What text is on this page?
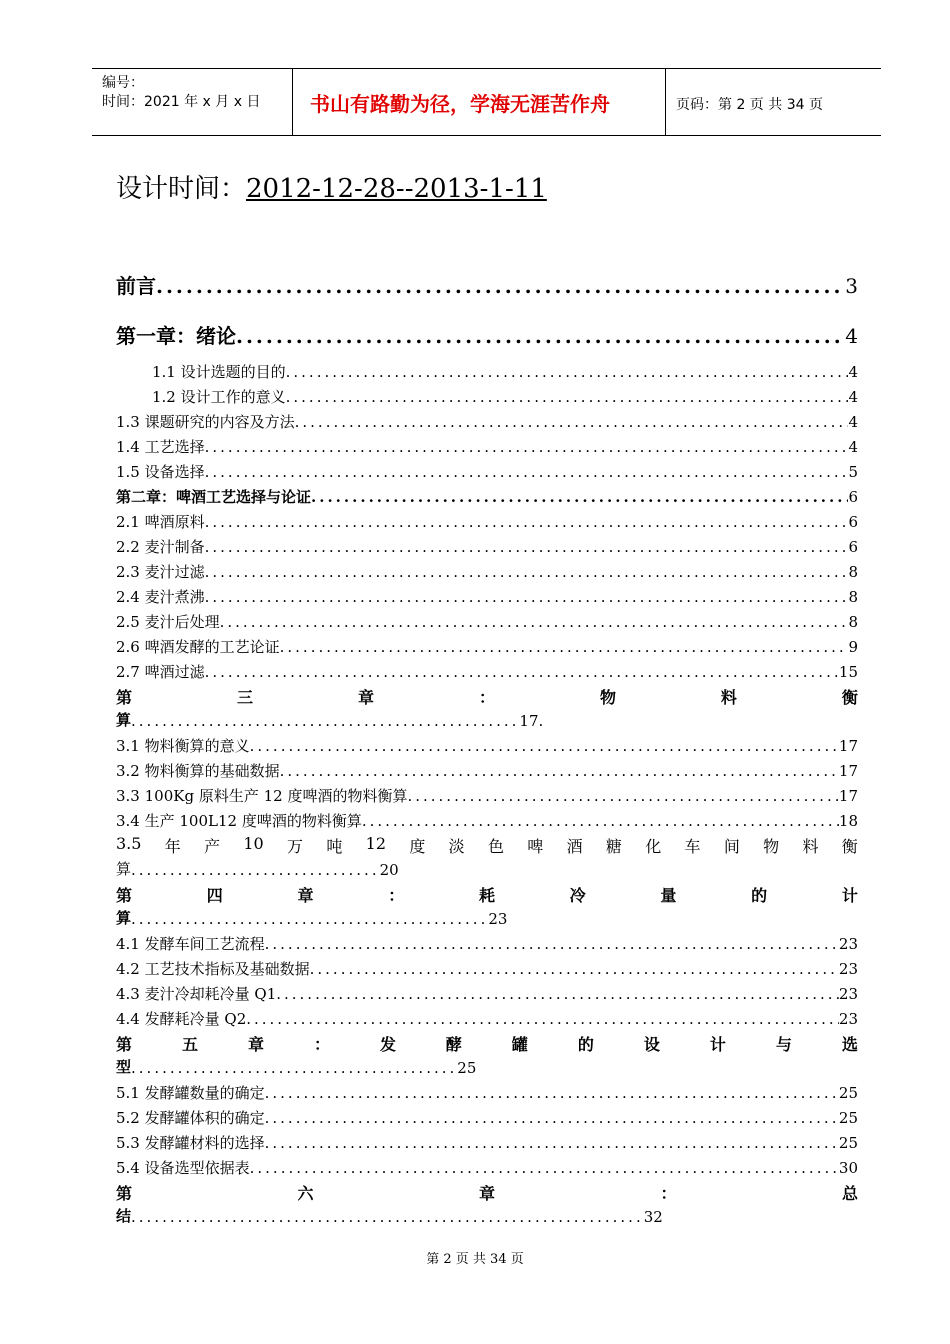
编号：
时间：2021 年 x 月 x 日 书山有路勤为径，学海无涯苦作舟	页码：第 2 页 共 34 页
设计时间：2012-12-28--2013-1-11
前言 .....	3
第一章：绪论 .....	4
1.1 设计选题的目的 .....	4
1.2 设计工作的意义 .....	4
1.3 课题研究的内容及方法 .....	4
1.4 工艺选择 .....	4
1.5 设备选择 .....	5
第二章：啤酒工艺选择与论证 .....	6
2.1 啤酒原料 .....	6
2.2 麦汁制备 .....	6
2.3 麦汁过滤 .....	8
2.4 麦汁煮沸 .....	8
2.5 麦汁后处理 .....	8
2.6 啤酒发酵的工艺论证 .....	9
2.7 啤酒过滤 .....	15
第	三	章	：	物	料	衡
算 .................................................. 17.
3.1 物料衡算的意义 .....	17
3.2 物料衡算的基础数据 .....	17
3.3 100Kg 原料生产 12 度啤酒的物料衡算 .....	17
3.4 生产 100L12 度啤酒的物料衡算 .....	18
3.5 年 产 10 万 吨 12 度 淡 色 啤 酒 糖 化 车 间 物 料 衡
算 ................................ 20
第	四	章	：	耗	冷	量	的	计
算 .............................................. 23
4.1 发酵车间工艺流程 .....	23
4.2 工艺技术指标及基础数据 .....	23
4.3 麦汁冷却耗冷量 Q1 .....	23
4.4 发酵耗冷量 Q2 .....	23
第	五	章	：	发	酵	罐	的	设	计	与	选
型 .......................................... 25
5.1 发酵罐数量的确定 .....	25
5.2 发酵罐体积的确定 .....	25
5.3 发酵罐材料的选择 .....	25
5.4 设备选型依据表 .....	30
第	六	章	：	总
结 .................................................................. 32
第 2 页 共 34 页
